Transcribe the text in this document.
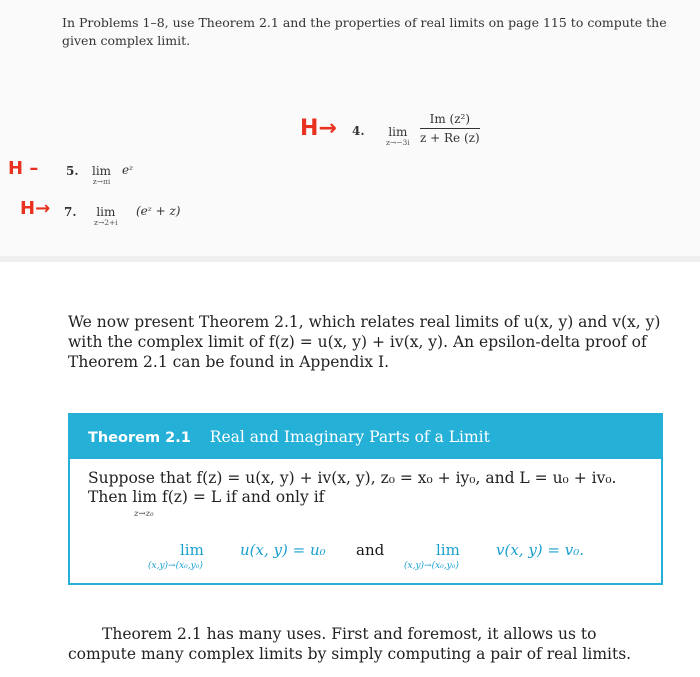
In Problems 1–8, use Theorem 2.1 and the properties of real limits on page 115 to compute the given complex limit.
H→ 4. lim
$z\to-3i \frac{\text{Im (z²)}}{z + Re (z)}$
H – 5. lim
z→πi
eᶻ
H→ 7. lim
z→2+i
(eᶻ + z)
We now present Theorem 2.1, which relates real limits of u(x, y) and v(x, y) with the complex limit of f(z) = u(x, y) + iv(x, y). An epsilon-delta proof of Theorem 2.1 can be found in Appendix I.
Theorem 2.1 Real and Imaginary Parts of a Limit
Suppose that f(z) = u(x, y) + iv(x, y), z₀ = x₀ + iy₀, and L = u₀ + iv₀.
Then lim f(z) = L if and only if
z→z₀
lim
(x,y)→(x₀,y₀)
u(x, y) = u₀ and	lim
(x,y)→(x₀,y₀)
v(x, y) = v₀.
Theorem 2.1 has many uses. First and foremost, it allows us to compute many complex limits by simply computing a pair of real limits.
